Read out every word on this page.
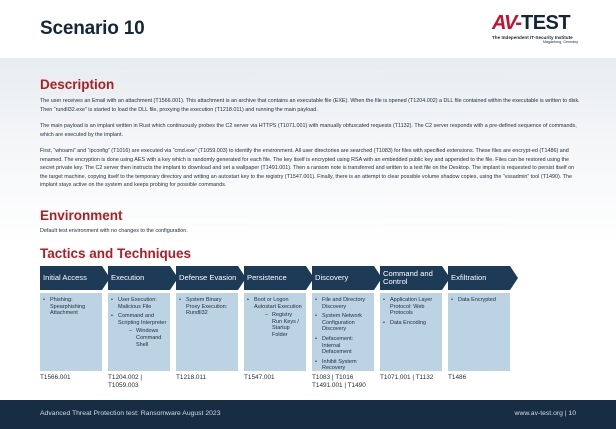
Scenario 10	AV - TEST
The Independent IT-Security Institute
Magdeburg, Germany
Description
The user receives an Email with an attachment (T1566.001). This attachment is an archive that contains an executable file (EXE). When the file is opened (T1204.002) a DLL file contained within the executable is written to disk. Then “rundll32.exe” is started to load the DLL file, proxying the execution (T1218.011) and running the main payload.
The main payload is an implant written in Rust which continuously probes the C2 server via HTTPS (T1071.001) with manually obfuscated requests (T1132). The C2 server responds with a pre-defined sequence of commands, which are executed by the implant.
First, “whoami” and “ipconfig” (T1016) are executed via “cmd.exe” (T1059.003) to identify the environment. All user directories are searched (T1083) for files with specified extensions. These files are encrypt-ed (T1486) and renamed. The encryption is done using AES with a key which is randomly generated for each file. The key itself is encrypted using RSA with an embedded public key and appended to the file. Files can be restored using the secret private key. The C2 server then instructs the implant to download and set a wallpaper (T1491.001). Then a ransom note is transferred and written to a text file on the Desktop. The implant is requested to persist itself on the target machine, copying itself to the temporary directory and writing an autostart key to the registry (T1547.001). Finally, there is an attempt to clear possible volume shadow copies, using the “vssadmin” tool (T1490). The implant stays active on the system and keeps probing for possible commands.
Environment
Default test environment with no changes to the configuration.
Tactics and Techniques
Initial Access
• Phishing: Spearphishing Attachment
T1566.001
Execution
• User Execution: Malicious File
• Command and Scripting Interpreter
– Windows Command Shell
T1204.002 | T1059.003
Defense Evasion
• System Binary Proxy Execution: Rundll32
T1218.011
Persistence
• Boot or Logon Autostart Execution
– Registry Run Keys / Startup Folder
T1547.001
Discovery
• File and Directory Discovery
• System Network Configuration Discovery
• Defacement: Internal Defacement
• Inhibit System Recovery
T1083 | T1016 T1491.001 | T1490
Command and Control
• Application Layer Protocol: Web Protocols
• Data Encoding
T1071.001 | T1132
Exfiltration
• Data Encrypted
T1486
Advanced Threat Protection test: Ransomware August 2023	www.av-test.org | 10
